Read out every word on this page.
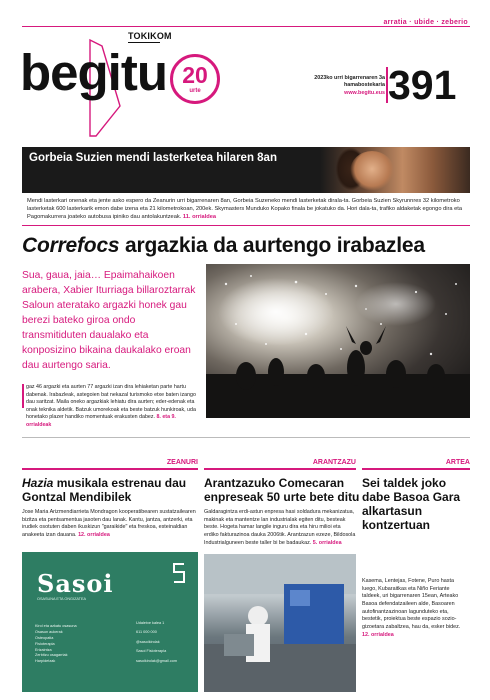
arratia · ubide · zeberio
TOKIKOM
begitu 20
urte
2023ko urri bigarrenaren 3a
hamabostekaria
www.begitu.eus 391
Gorbeia Suzien mendi lasterketea hilaren 8an
Mendi lasterkari onenak eta jente asko espero da Zeanurin urri bigarrenaren 8an, Gorbeia Suzeneko mendi lasterketak dirala-ta. Gorbeia Suzien Skyrunnres 32 kilometroko lasterketak 600 lasterkarik emon dabe izena eta 21 kilometrokoan, 200ek. Skymasters Munduko Kopako finala be jokatuko da. Hori dala-ta, trafiko aldaketak egongo dira eta Pagomakurrera joateko autobusa ipiniko dau antolakuntzeak. 11. orrialdea
Correfocs argazkia da aurtengo irabazlea
Sua, gaua, jaia… Epaimahaikoen arabera, Xabier Iturriaga billaroztarrak Saloun ateratako argazki honek gau berezi bateko giroa ondo transmitiduten daualako eta konposizino bikaina daukalako eroan dau aurtengo saria.
gaz 46 argazki eta aurten 77 argazki izan dira lehiaketan parte hartu dabenak. Irabazleak, astegoien bat nekazal turismoko etxe baten izango dau saritzat. Maila oneko argazkiak lehiatu dira aurten; eder-edenak eta onak teknika aldetik. Batzuk umorekoak eta beste batzuk hunkiroak, uda honetako plazer handiko momentuak erakusten dabez. 8. eta 9. orrialdeak
ZEANURI
Hazia musikala estrenau dau Gontzal Mendibilek
Jose Maria Arizmendiarrieta Mondragon kooperatibearen sustatzailearen bizitza eta pentsamentua jasoten dau lanak. Kantu, jantza, antzerki, eta irudiek osotuten daben ikuskizun "garaikide" eta freskoa, esteinaldian anakeeta izan dauana. 12. orrialdea
ARANTZAZU
Arantzazuko Comecaran enpreseak 50 urte bete ditu
Galdaragintza erdi-astun enpresa hasi soldadura mekanizatua, makinak eta mantentze lan industrialak egiten ditu, besteak beste. Hogeta hamar langile inguru dira eta hiru milioi eta erdiko fakturazinoa dauka 2006tik. Arantzazun ezeze, Bildosola Industrialguneen beste taller bi be badaukaz. 5. orrialdea
ARTEA
Sei taldek joko dabe Basoa Gara alkartasun kontzertuan
Kasema, Lentejas, Fotene, Puro hasta luego, Kubaraitkas eta Niño Feriante taldeek, uri bigarrenaren 15ean, Arteako Basoa defendatzaileen alde, Basoaren autofinantzazinoan lagunduteko eta, bestetik, proiektua beste espazio sozio-gizoetara zabaltzea, hau da, esker bidez. 12. orrialdea
Sasoi
OSASUNA ETA ONGIZATEA
Kirol eta azkatu osasuna
Osasun aukerak
Osteopatia
Fisioterapia
Erizaintza
Zerbitzu osagarriak
Harpidetzak
Udaletxe kalea 1
611 000 000
@sasoikirolak
Sasoi Fisioterapia
sasoikirolak@gmail.com
